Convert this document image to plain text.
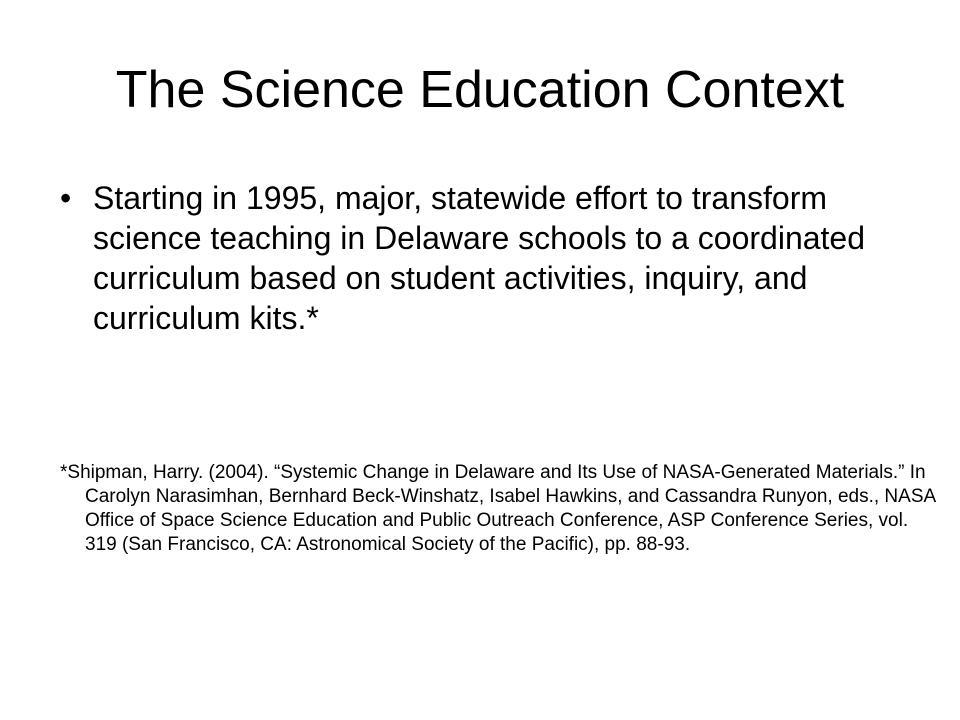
The Science Education Context
• Starting in 1995, major, statewide effort to transform science teaching in Delaware schools to a coordinated curriculum based on student activities, inquiry, and curriculum kits.*

*Shipman, Harry. (2004). “Systemic Change in Delaware and Its Use of NASA-Generated Materials.” In Carolyn Narasimhan, Bernhard Beck-Winshatz, Isabel Hawkins, and Cassandra Runyon, eds., NASA Office of Space Science Education and Public Outreach Conference, ASP Conference Series, vol. 319 (San Francisco, CA: Astronomical Society of the Pacific), pp. 88-93.
